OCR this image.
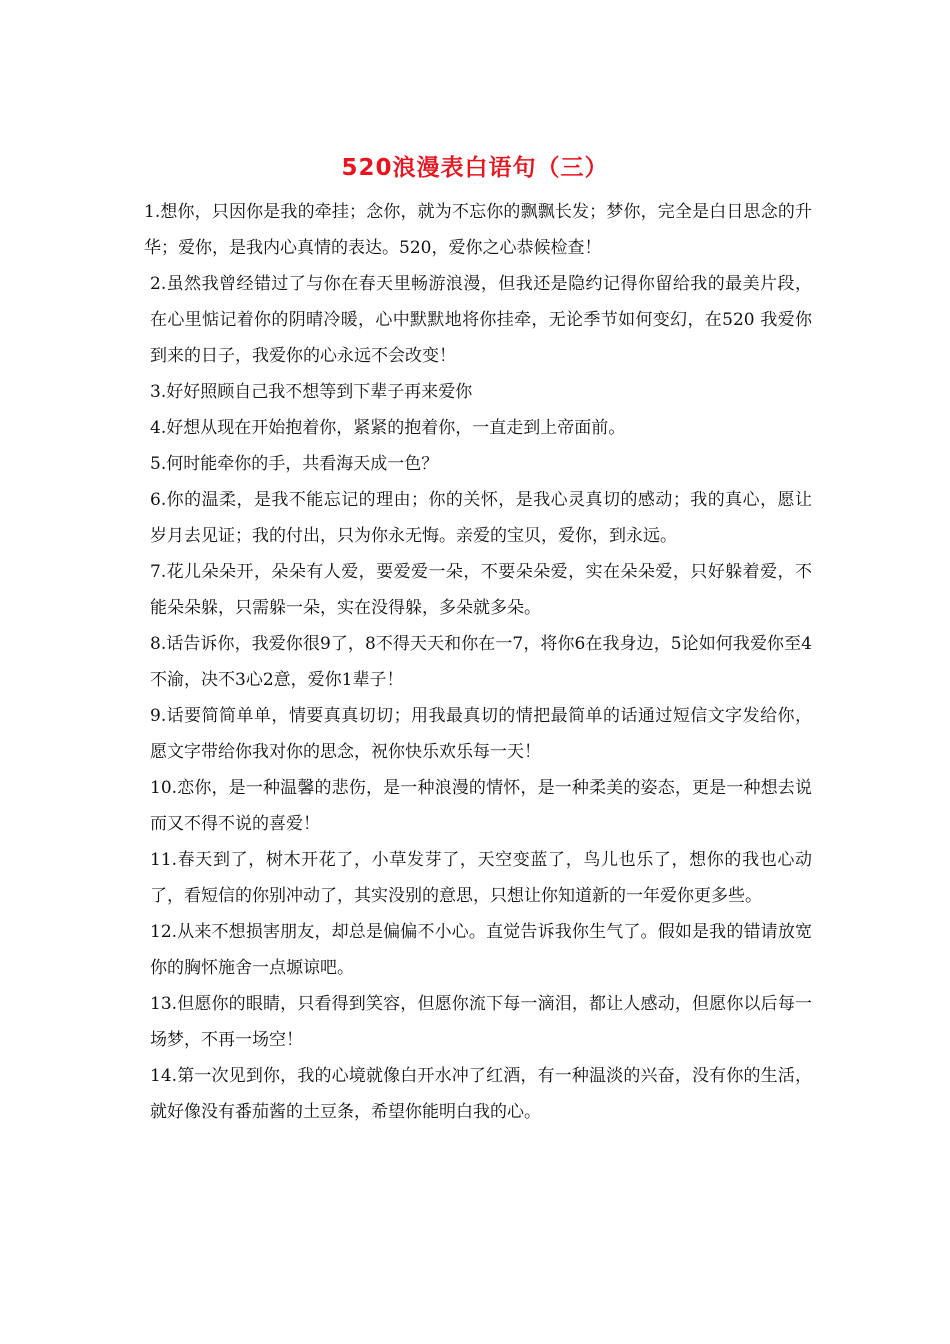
520浪漫表白语句（三）

1.想你，只因你是我的牵挂；念你，就为不忘你的飘飘长发；梦你，完全是白日思念的升华；爱你，是我内心真情的表达。520，爱你之心恭候检查！

2.虽然我曾经错过了与你在春天里畅游浪漫，但我还是隐约记得你留给我的最美片段，在心里惦记着你的阴晴冷暖，心中默默地将你挂牵，无论季节如何变幻，在520 我爱你 到来的日子，我爱你的心永远不会改变！

3.好好照顾自己我不想等到下辈子再来爱你

4.好想从现在开始抱着你，紧紧的抱着你，一直走到上帝面前。

5.何时能牵你的手，共看海天成一色？

6.你的温柔，是我不能忘记的理由；你的关怀，是我心灵真切的感动；我的真心，愿让岁月去见证；我的付出，只为你永无悔。亲爱的宝贝，爱你，到永远。

7.花儿朵朵开，朵朵有人爱，要爱爱一朵，不要朵朵爱，实在朵朵爱，只好躲着爱，不能朵朵躲，只需躲一朵，实在没得躲，多朵就多朵。

8.话告诉你，我爱你很9了，8不得天天和你在一7，将你6在我身边，5论如何我爱你至4不渝，决不3心2意，爱你1辈子！

9.话要简简单单，情要真真切切；用我最真切的情把最简单的话通过短信文字发给你，愿文字带给你我对你的思念，祝你快乐欢乐每一天！

10.恋你，是一种温馨的悲伤，是一种浪漫的情怀，是一种柔美的姿态，更是一种想去说而又不得不说的喜爱！

11.春天到了，树木开花了，小草发芽了，天空变蓝了，鸟儿也乐了，想你的我也心动了，看短信的你别冲动了，其实没别的意思，只想让你知道新的一年爱你更多些。

12.从来不想损害朋友，却总是偏偏不小心。直觉告诉我你生气了。假如是我的错请放宽你的胸怀施舍一点塬谅吧。

13.但愿你的眼睛，只看得到笑容，但愿你流下每一滴泪，都让人感动，但愿你以后每一场梦，不再一场空！

14.第一次见到你，我的心境就像白开水冲了红酒，有一种温淡的兴奋，没有你的生活，就好像没有番茄酱的土豆条，希望你能明白我的心。
